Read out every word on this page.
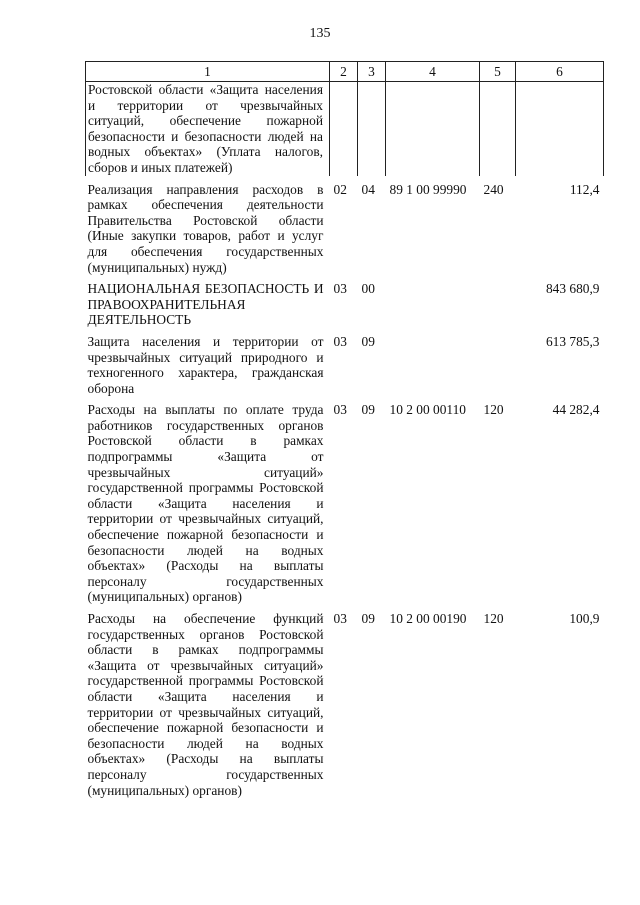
135
1	2	3	4	5	6
Ростовской области «Защита населения и территории от чрезвычайных ситуаций, обеспечение пожарной безопасности и безопасности людей на водных объектах» (Уплата налогов, сборов и иных платежей)					
Реализация направления расходов в рамках обеспечения деятельности Правительства Ростовской области (Иные закупки товаров, работ и услуг для обеспечения государственных (муниципальных) нужд)	02	04	89 1 00 99990	240	112,4
НАЦИОНАЛЬНАЯ БЕЗОПАСНОСТЬ И ПРАВООХРАНИТЕЛЬНАЯ ДЕЯТЕЛЬНОСТЬ	03	00			843 680,9
Защита населения и территории от чрезвычайных ситуаций природного и техногенного характера, гражданская оборона	03	09			613 785,3
Расходы на выплаты по оплате труда работников государственных органов Ростовской области в рамках подпрограммы «Защита от чрезвычайных ситуаций» государственной программы Ростовской области «Защита населения и территории от чрезвычайных ситуаций, обеспечение пожарной безопасности и безопасности людей на водных объектах» (Расходы на выплаты персоналу государственных (муниципальных) органов)	03	09	10 2 00 00110	120	44 282,4
Расходы на обеспечение функций государственных органов Ростовской области в рамках подпрограммы «Защита от чрезвычайных ситуаций» государственной программы Ростовской области «Защита населения и территории от чрезвычайных ситуаций, обеспечение пожарной безопасности и безопасности людей на водных объектах» (Расходы на выплаты персоналу государственных (муниципальных) органов)	03	09	10 2 00 00190	120	100,9
